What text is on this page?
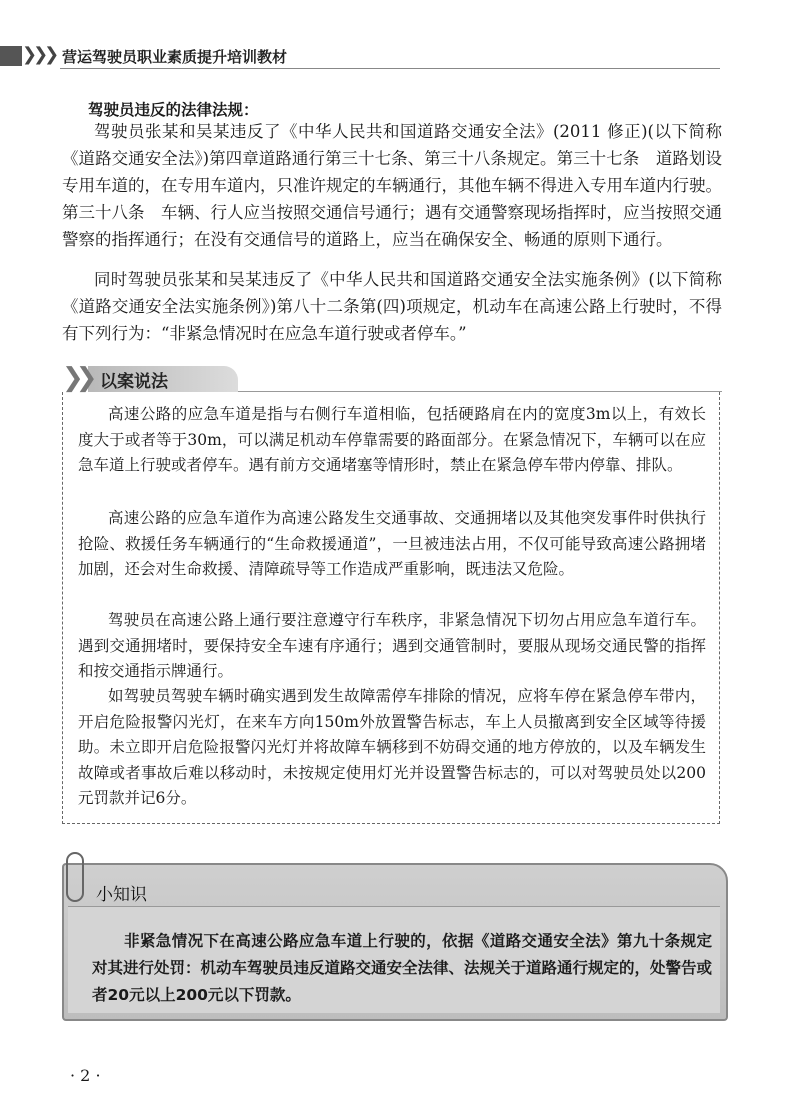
❯❯❯ 营运驾驶员职业素质提升培训教材
驾驶员违反的法律法规：
驾驶员张某和吴某违反了《中华人民共和国道路交通安全法》(2011 修正)(以下简称《道路交通安全法》)第四章道路通行第三十七条、第三十八条规定。第三十七条　道路划设专用车道的，在专用车道内，只准许规定的车辆通行，其他车辆不得进入专用车道内行驶。第三十八条　车辆、行人应当按照交通信号通行；遇有交通警察现场指挥时，应当按照交通警察的指挥通行；在没有交通信号的道路上，应当在确保安全、畅通的原则下通行。
同时驾驶员张某和吴某违反了《中华人民共和国道路交通安全法实施条例》(以下简称《道路交通安全法实施条例》)第八十二条第(四)项规定，机动车在高速公路上行驶时，不得有下列行为：“非紧急情况时在应急车道行驶或者停车。”
❯❯ 以案说法
高速公路的应急车道是指与右侧行车道相临，包括硬路肩在内的宽度3m以上，有效长度大于或者等于30m，可以满足机动车停靠需要的路面部分。在紧急情况下，车辆可以在应急车道上行驶或者停车。遇有前方交通堵塞等情形时，禁止在紧急停车带内停靠、排队。
高速公路的应急车道作为高速公路发生交通事故、交通拥堵以及其他突发事件时供执行抢险、救援任务车辆通行的“生命救援通道”，一旦被违法占用，不仅可能导致高速公路拥堵加剧，还会对生命救援、清障疏导等工作造成严重影响，既违法又危险。
驾驶员在高速公路上通行要注意遵守行车秩序，非紧急情况下切勿占用应急车道行车。遇到交通拥堵时，要保持安全车速有序通行；遇到交通管制时，要服从现场交通民警的指挥和按交通指示牌通行。
如驾驶员驾驶车辆时确实遇到发生故障需停车排除的情况，应将车停在紧急停车带内，开启危险报警闪光灯，在来车方向150m外放置警告标志，车上人员撤离到安全区域等待援助。未立即开启危险报警闪光灯并将故障车辆移到不妨碍交通的地方停放的，以及车辆发生故障或者事故后难以移动时，未按规定使用灯光并设置警告标志的，可以对驾驶员处以200元罚款并记6分。
小知识
非紧急情况下在高速公路应急车道上行驶的，依据《道路交通安全法》第九十条规定对其进行处罚：机动车驾驶员违反道路交通安全法律、法规关于道路通行规定的，处警告或者20元以上200元以下罚款。
· 2 ·
